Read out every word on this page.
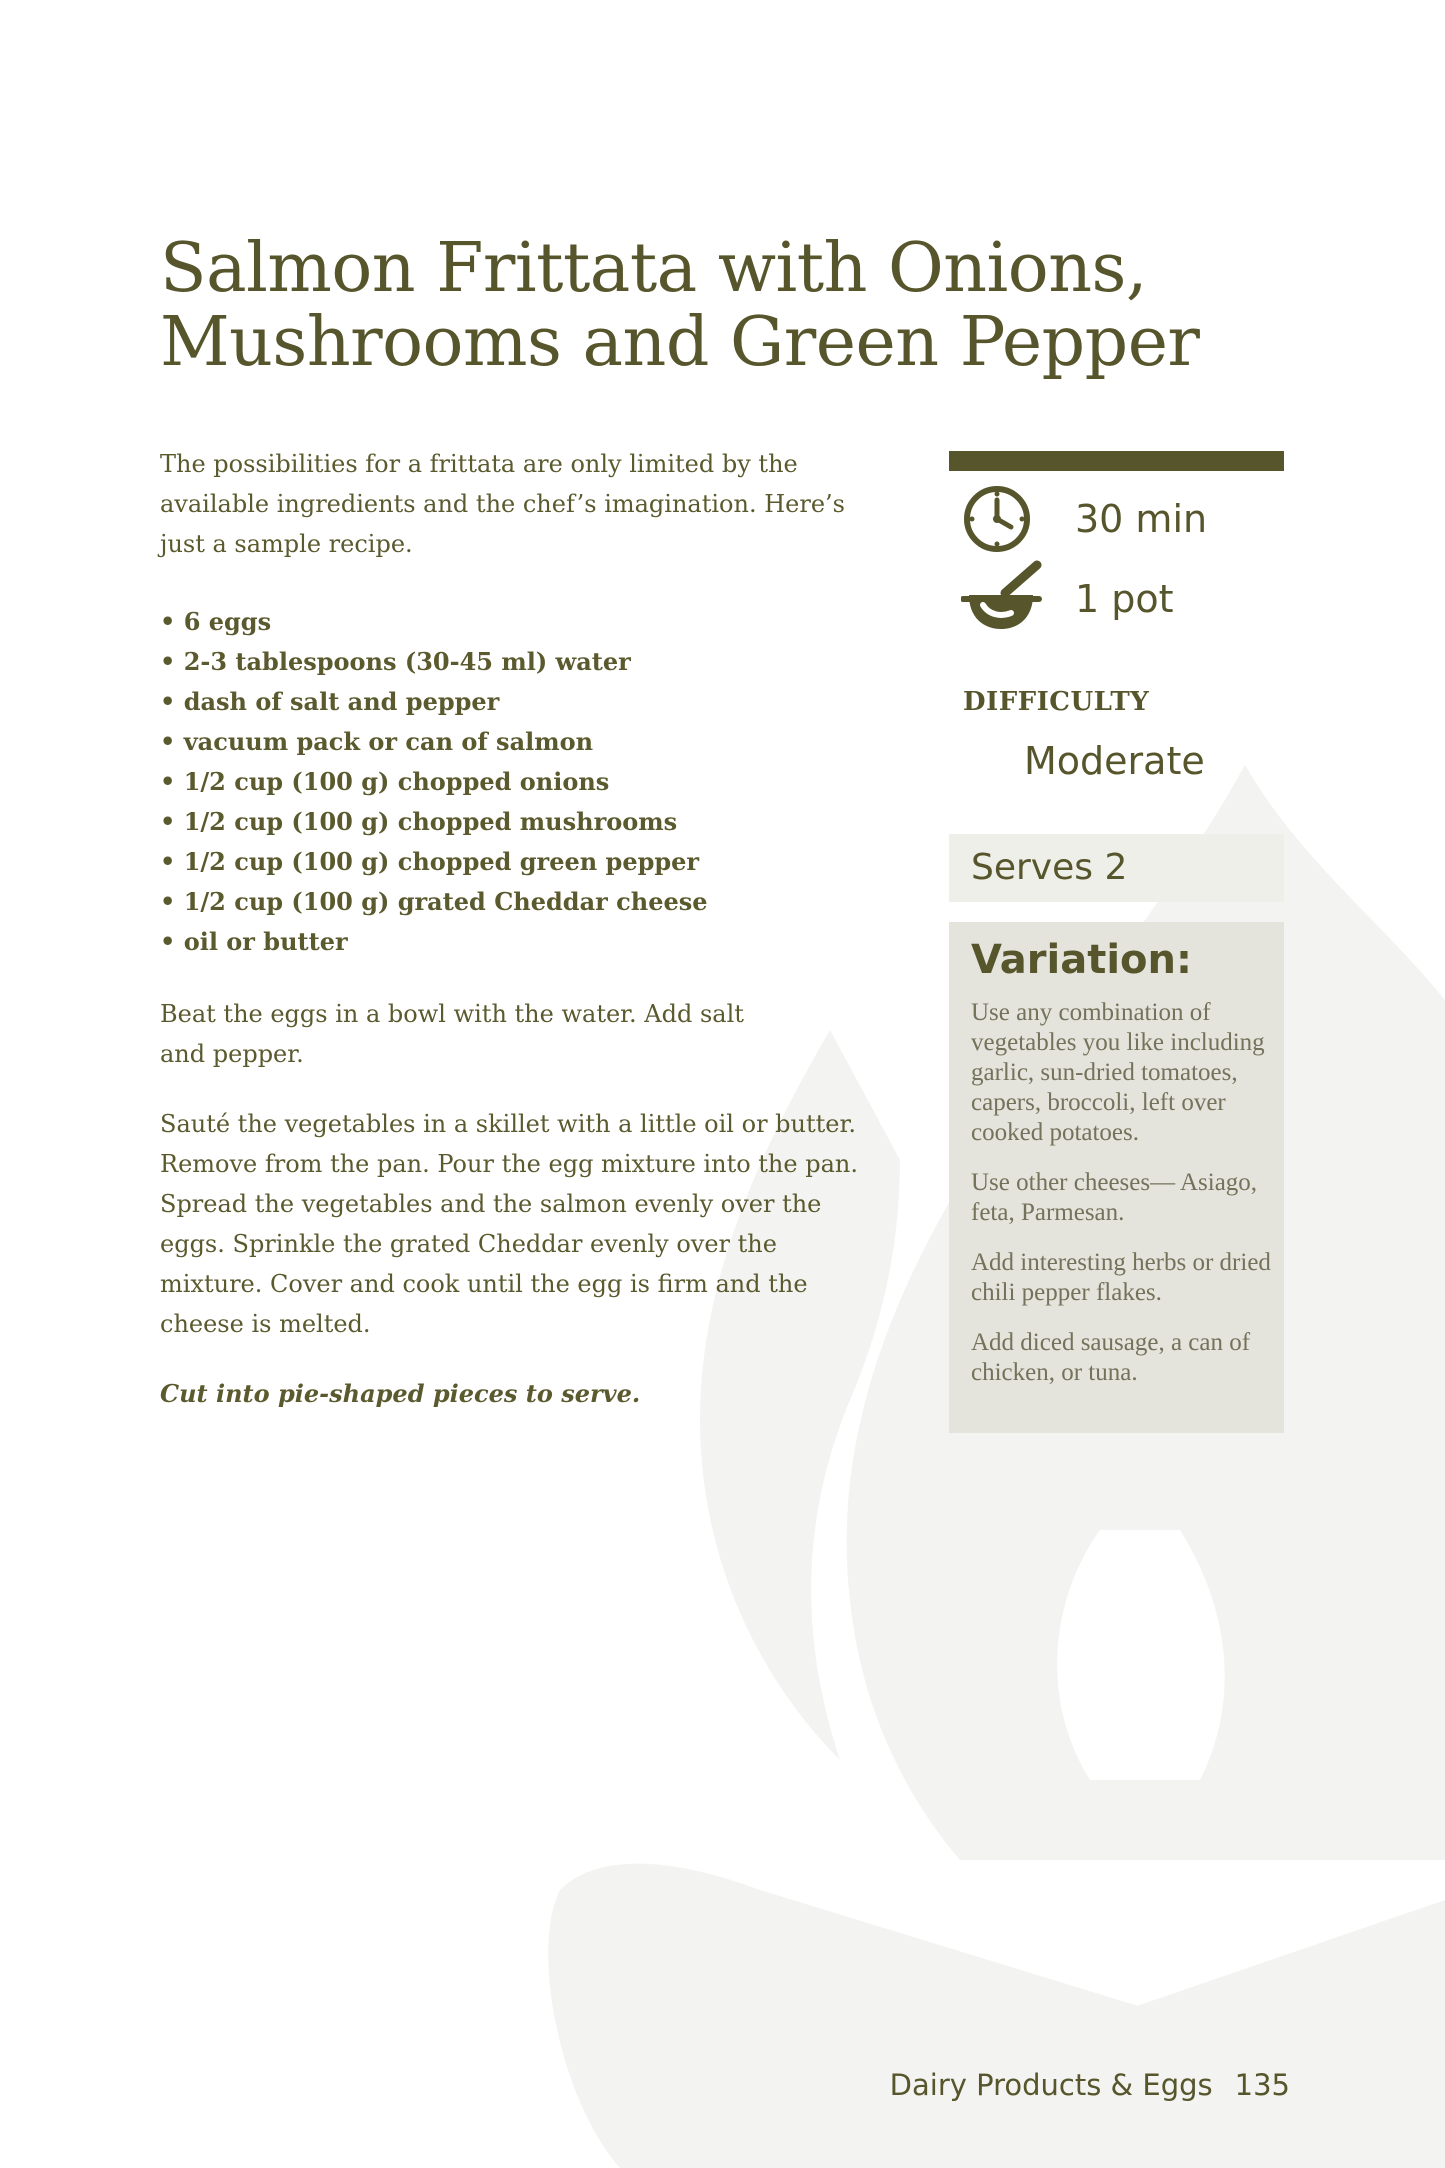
Salmon Frittata with Onions,
Mushrooms and Green Pepper

The possibilities for a frittata are only limited by the available ingredients and the chef’s imagination. Here’s just a sample recipe.

• 6 eggs
• 2-3 tablespoons (30-45 ml) water
• dash of salt and pepper
• vacuum pack or can of salmon
• 1/2 cup (100 g) chopped onions
• 1/2 cup (100 g) chopped mushrooms
• 1/2 cup (100 g) chopped green pepper
• 1/2 cup (100 g) grated Cheddar cheese
• oil or butter

Beat the eggs in a bowl with the water. Add salt and pepper.

Sauté the vegetables in a skillet with a little oil or butter. Remove from the pan. Pour the egg mixture into the pan. Spread the vegetables and the salmon evenly over the eggs. Sprinkle the grated Cheddar evenly over the mixture. Cover and cook until the egg is firm and the cheese is melted.

Cut into pie-shaped pieces to serve.

30 min
1 pot
DIFFICULTY
Moderate
Serves 2
Variation:

Use any combination of vegetables you like including garlic, sun-dried tomatoes, capers, broccoli, left over cooked potatoes.

Use other cheeses— Asiago, feta, Parmesan.

Add interesting herbs or dried chili pepper flakes.

Add diced sausage, a can of chicken, or tuna.

Dairy Products & Eggs 135
